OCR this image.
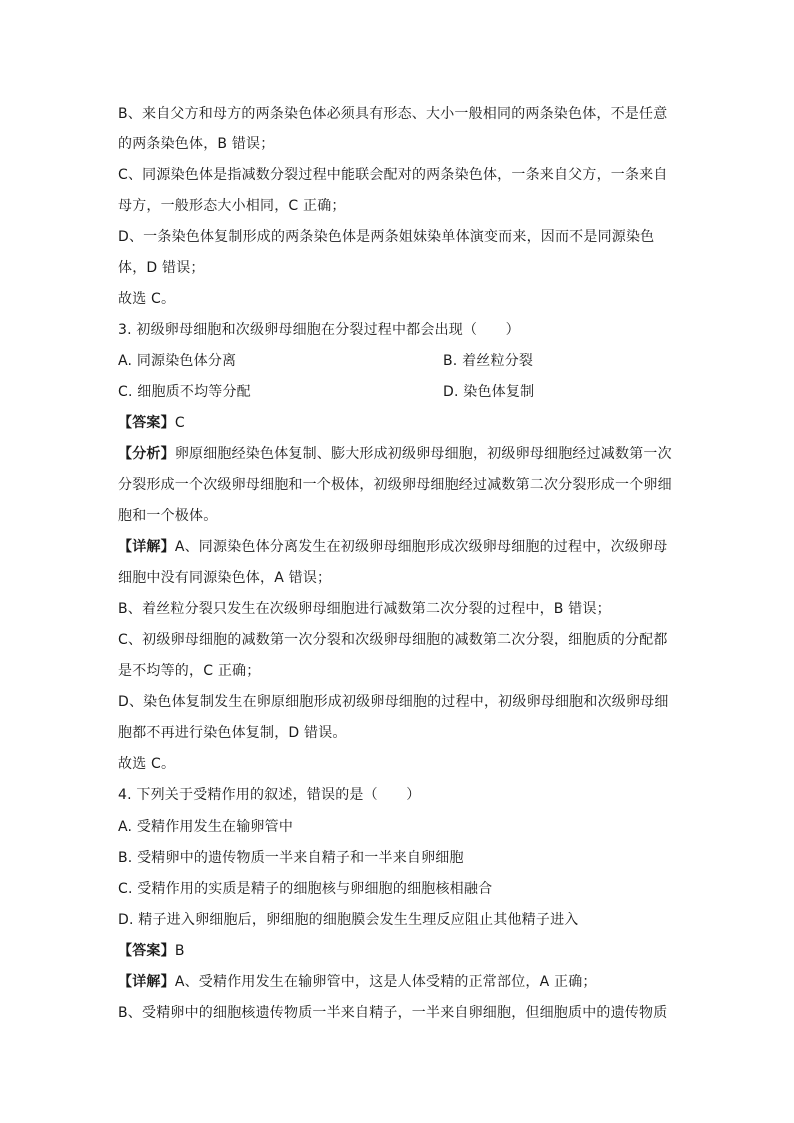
B、来自父方和母方的两条染色体必须具有形态、大小一般相同的两条染色体，不是任意
的两条染色体，B 错误；
C、同源染色体是指减数分裂过程中能联会配对的两条染色体，一条来自父方，一条来自
母方，一般形态大小相同，C 正确；
D、一条染色体复制形成的两条染色体是两条姐妹染单体演变而来，因而不是同源染色
体，D 错误；
故选 C。
3. 初级卵母细胞和次级卵母细胞在分裂过程中都会出现（　　）
A. 同源染色体分离	B. 着丝粒分裂
C. 细胞质不均等分配	D. 染色体复制
【答案】C
【分析】卵原细胞经染色体复制、膨大形成初级卵母细胞，初级卵母细胞经过减数第一次
分裂形成一个次级卵母细胞和一个极体，初级卵母细胞经过减数第二次分裂形成一个卵细
胞和一个极体。
【详解】A、同源染色体分离发生在初级卵母细胞形成次级卵母细胞的过程中，次级卵母
细胞中没有同源染色体，A 错误；
B、着丝粒分裂只发生在次级卵母细胞进行减数第二次分裂的过程中，B 错误；
C、初级卵母细胞的减数第一次分裂和次级卵母细胞的减数第二次分裂，细胞质的分配都
是不均等的，C 正确；
D、染色体复制发生在卵原细胞形成初级卵母细胞的过程中，初级卵母细胞和次级卵母细
胞都不再进行染色体复制，D 错误。
故选 C。
4. 下列关于受精作用的叙述，错误的是（　　）
A. 受精作用发生在输卵管中
B. 受精卵中的遗传物质一半来自精子和一半来自卵细胞
C. 受精作用的实质是精子的细胞核与卵细胞的细胞核相融合
D. 精子进入卵细胞后，卵细胞的细胞膜会发生生理反应阻止其他精子进入
【答案】B
【详解】A、受精作用发生在输卵管中，这是人体受精的正常部位，A 正确；
B、受精卵中的细胞核遗传物质一半来自精子，一半来自卵细胞，但细胞质中的遗传物质
